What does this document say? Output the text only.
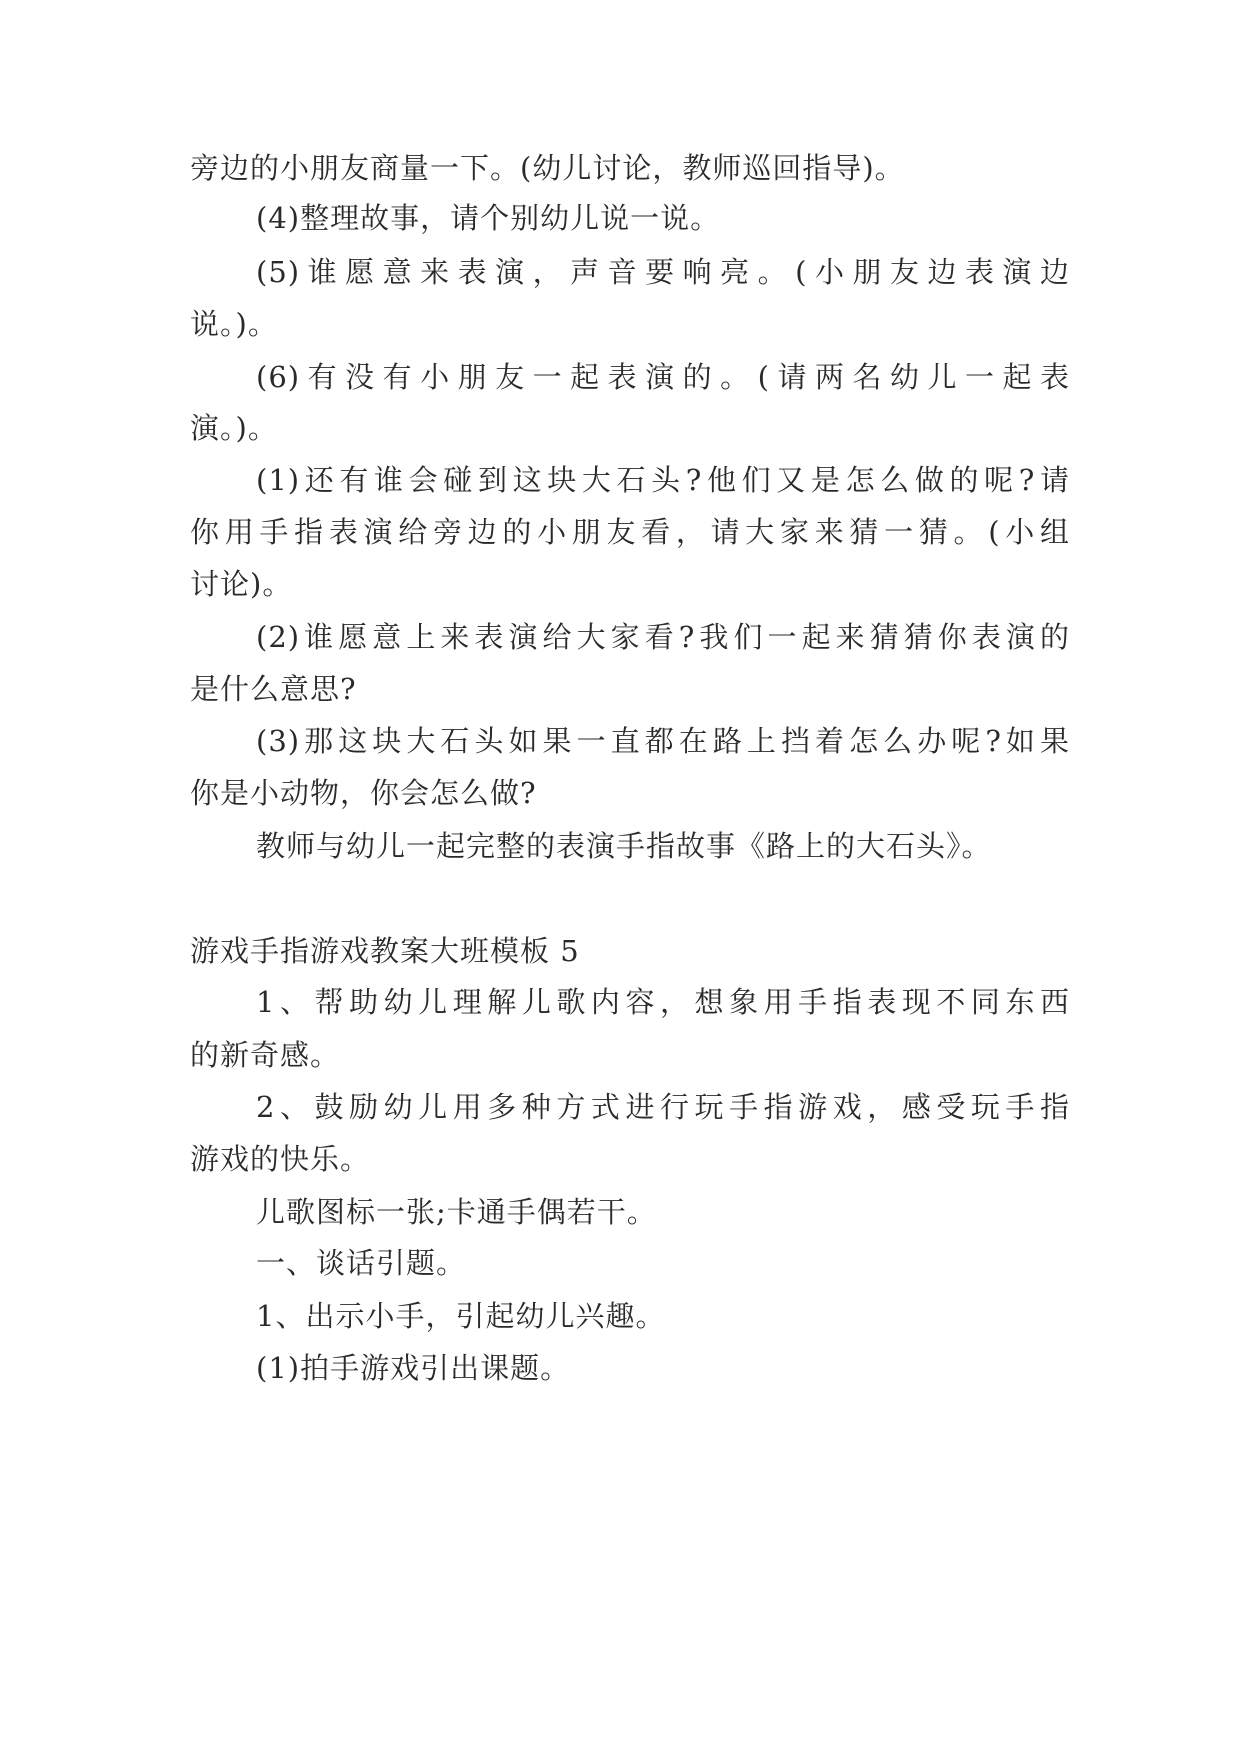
旁边的小朋友商量一下。(幼儿讨论，教师巡回指导)。
(4)整理故事，请个别幼儿说一说。
(5)谁愿意来表演，声音要响亮。(小朋友边表演边
说。)。
(6)有没有小朋友一起表演的。(请两名幼儿一起表
演。)。
(1)还有谁会碰到这块大石头?他们又是怎么做的呢?请
你用手指表演给旁边的小朋友看，请大家来猜一猜。(小组
讨论)。
(2)谁愿意上来表演给大家看?我们一起来猜猜你表演的
是什么意思?
(3)那这块大石头如果一直都在路上挡着怎么办呢?如果
你是小动物，你会怎么做?
教师与幼儿一起完整的表演手指故事《路上的大石头》。
游戏手指游戏教案大班模板 5
1、帮助幼儿理解儿歌内容，想象用手指表现不同东西
的新奇感。
2、鼓励幼儿用多种方式进行玩手指游戏，感受玩手指
游戏的快乐。
儿歌图标一张;卡通手偶若干。
一、谈话引题。
1、出示小手，引起幼儿兴趣。
(1)拍手游戏引出课题。
